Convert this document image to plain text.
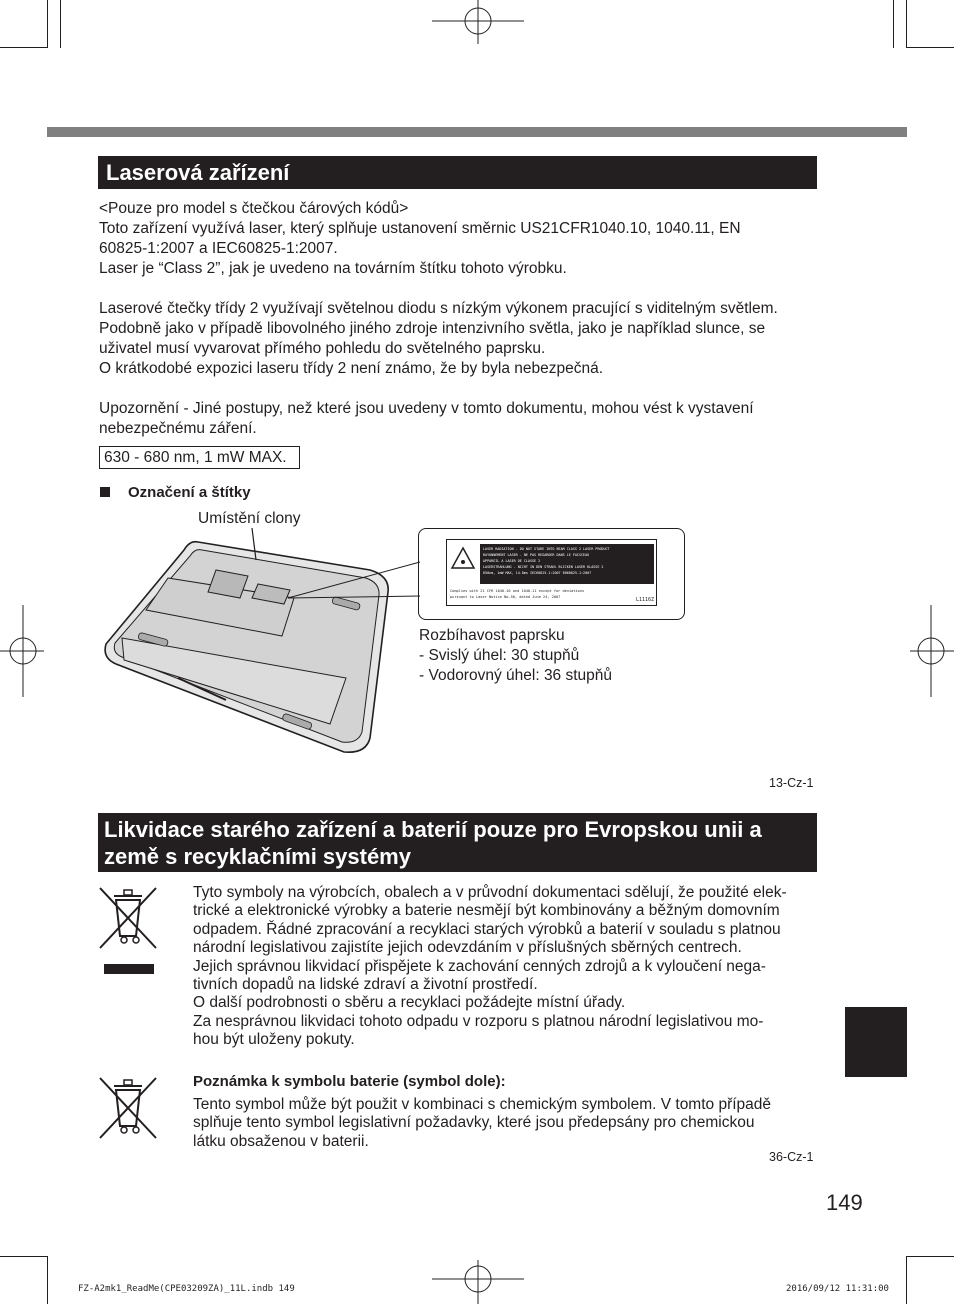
Laserová zařízení
<Pouze pro model s čtečkou čárových kódů>
Toto zařízení využívá laser, který splňuje ustanovení směrnic US21CFR1040.10, 1040.11, EN
60825-1:2007 a IEC60825-1:2007.
Laser je “Class 2”, jak je uvedeno na továrním štítku tohoto výrobku.
Laserové čtečky třídy 2 využívají světelnou diodu s nízkým výkonem pracující s viditelným světlem.
Podobně jako v případě libovolného jiného zdroje intenzivního světla, jako je například slunce, se
uživatel musí vyvarovat přímého pohledu do světelného paprsku.
O krátkodobé expozici laseru třídy 2 není známo, že by byla nebezpečná.
Upozornění - Jiné postupy, než které jsou uvedeny v tomto dokumentu, mohou vést k vystavení
nebezpečnému záření.
630 - 680 nm, 1 mW MAX.
Označení a štítky
Umístění clony
LASER RADIATION - DO NOT STARE INTO BEAM CLASS 2 LASER PRODUCT
RAYONNEMENT LASER - NE PAS REGARDER DANS LE FAISCEAU
APPAREIL A LASER DE CLASSE 2
LASERSTRAHLUNG - NICHT IN DEN STRAHL BLICKEN LASER KLASSE 2
650nm, 1mW MAX, 14.8ms IEC60825-1:2007 EN60825-1:2007
Complies with 21 CFR 1040.10 and 1040.11 except for deviations
pursuant to Laser Notice No.50, dated June 24, 2007	L1116Z
Rozbíhavost paprsku
- Svislý úhel: 30 stupňů
- Vodorovný úhel: 36 stupňů
13-Cz-1
Likvidace starého zařízení a baterií pouze pro Evropskou unii a země s recyklačními systémy
Tyto symboly na výrobcích, obalech a v průvodní dokumentaci sdělují, že použité elek-
trické a elektronické výrobky a baterie nesmějí být kombinovány a běžným domovním
odpadem. Řádné zpracování a recyklaci starých výrobků a baterií v souladu s platnou
národní legislativou zajistíte jejich odevzdáním v příslušných sběrných centrech.
Jejich správnou likvidací přispějete k zachování cenných zdrojů a k vyloučení nega-
tivních dopadů na lidské zdraví a životní prostředí.
O další podrobnosti o sběru a recyklaci požádejte místní úřady.
Za nesprávnou likvidaci tohoto odpadu v rozporu s platnou národní legislativou mo-
hou být uloženy pokuty.
Poznámka k symbolu baterie (symbol dole):
Tento symbol může být použit v kombinaci s chemickým symbolem. V tomto případě
splňuje tento symbol legislativní požadavky, které jsou předepsány pro chemickou
látku obsaženou v baterii.
36-Cz-1
149
FZ-A2mk1_ReadMe(CPE03209ZA)_11L.indb 149	2016/09/12 11:31:00
